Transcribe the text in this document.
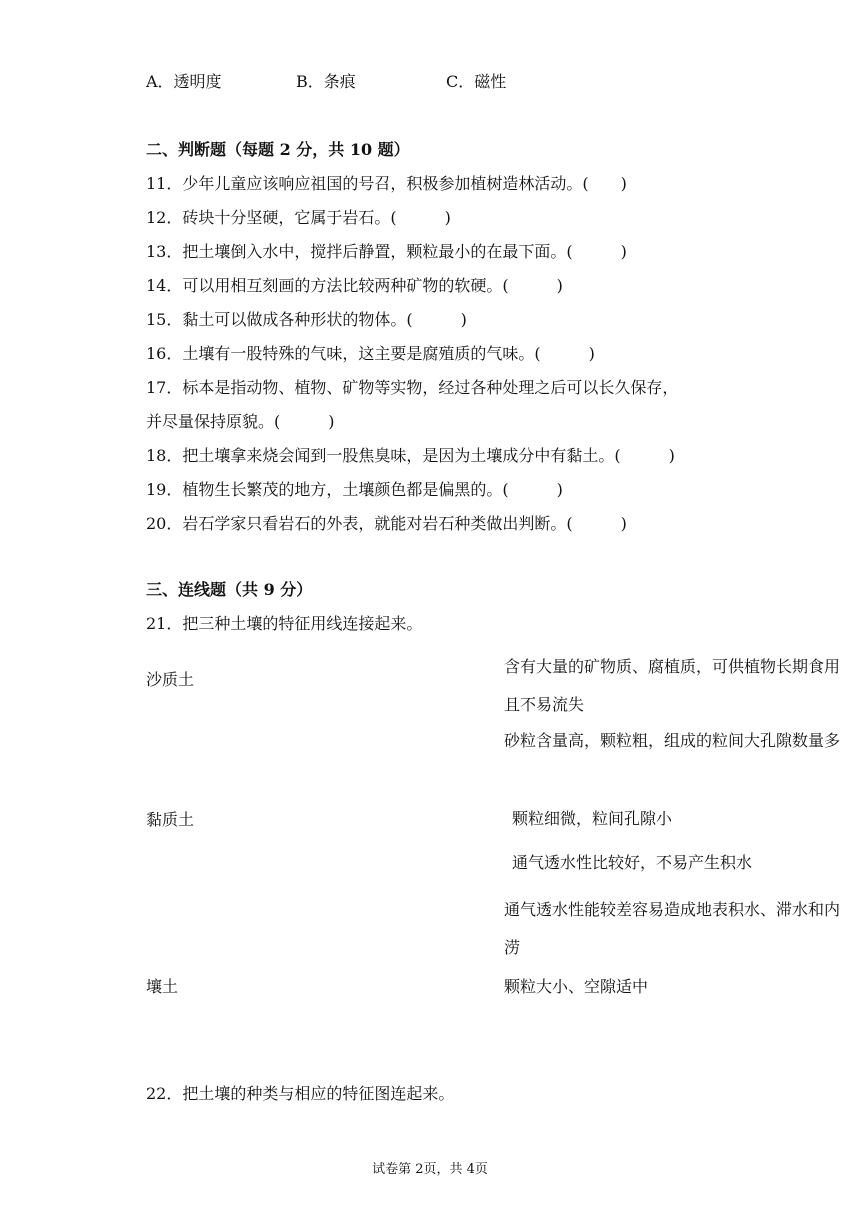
A．透明度	B．条痕	C．磁性
二、判断题（每题 2 分，共 10 题）
11．少年儿童应该响应祖国的号召，积极参加植树造林活动。(　　)
12．砖块十分坚硬，它属于岩石。(　　　)
13．把土壤倒入水中，搅拌后静置，颗粒最小的在最下面。(　　　)
14．可以用相互刻画的方法比较两种矿物的软硬。(　　　)
15．黏土可以做成各种形状的物体。(　　　)
16．土壤有一股特殊的气味，这主要是腐殖质的气味。(　　　)
17．标本是指动物、植物、矿物等实物，经过各种处理之后可以长久保存，
并尽量保持原貌。(　　　)
18．把土壤拿来烧会闻到一股焦臭味，是因为土壤成分中有黏土。(　　　)
19．植物生长繁茂的地方，土壤颜色都是偏黑的。(　　　)
20．岩石学家只看岩石的外表，就能对岩石种类做出判断。(　　　)
三、连线题（共 9 分）
21．把三种土壤的特征用线连接起来。
沙质土
黏质土
壤土
含有大量的矿物质、腐植质，可供植物长期食用且不易流失
砂粒含量高，颗粒粗，组成的粒间大孔隙数量多
颗粒细微，粒间孔隙小
通气透水性比较好，不易产生积水
通气透水性能较差容易造成地表积水、滞水和内涝
颗粒大小、空隙适中
22．把土壤的种类与相应的特征图连起来。
试卷第 2页，共 4页
